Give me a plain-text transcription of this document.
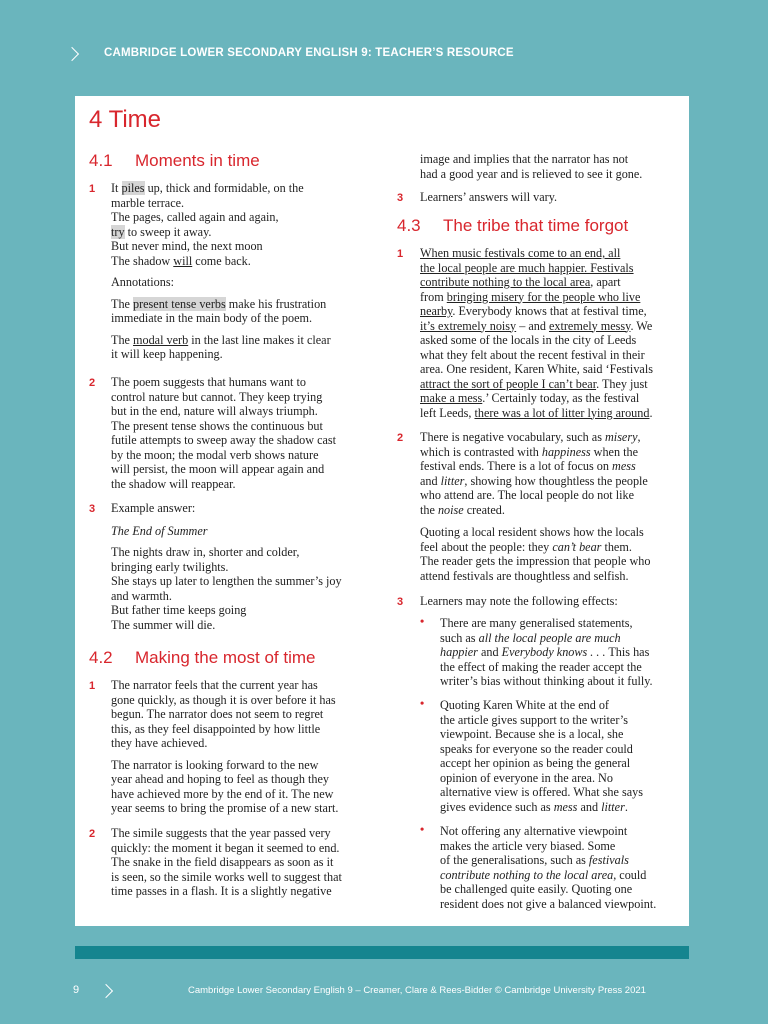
CAMBRIDGE LOWER SECONDARY ENGLISH 9: TEACHER’S RESOURCE
4 Time
4.1 Moments in time
1 It piles up, thick and formidable, on the
marble terrace.
The pages, called again and again,
try to sweep it away.
But never mind, the next moon
The shadow will come back.
Annotations:
The present tense verbs make his frustration
immediate in the main body of the poem.
The modal verb in the last line makes it clear
it will keep happening.
2 The poem suggests that humans want to
control nature but cannot. They keep trying
but in the end, nature will always triumph.
The present tense shows the continuous but
futile attempts to sweep away the shadow cast
by the moon; the modal verb shows nature
will persist, the moon will appear again and
the shadow will reappear.
3 Example answer:
The End of Summer
The nights draw in, shorter and colder,
bringing early twilights.
She stays up later to lengthen the summer’s joy
and warmth.
But father time keeps going
The summer will die.
4.2 Making the most of time
1 The narrator feels that the current year has
gone quickly, as though it is over before it has
begun. The narrator does not seem to regret
this, as they feel disappointed by how little
they have achieved.
The narrator is looking forward to the new
year ahead and hoping to feel as though they
have achieved more by the end of it. The new
year seems to bring the promise of a new start.
2 The simile suggests that the year passed very
quickly: the moment it began it seemed to end.
The snake in the field disappears as soon as it
is seen, so the simile works well to suggest that
time passes in a flash. It is a slightly negative
image and implies that the narrator has not
had a good year and is relieved to see it gone.
3 Learners’ answers will vary.
4.3 The tribe that time forgot
1 When music festivals come to an end, all
the local people are much happier. Festivals
contribute nothing to the local area, apart
from bringing misery for the people who live
nearby. Everybody knows that at festival time,
it’s extremely noisy – and extremely messy. We
asked some of the locals in the city of Leeds
what they felt about the recent festival in their
area. One resident, Karen White, said ‘Festivals
attract the sort of people I can’t bear. They just
make a mess.’ Certainly today, as the festival
left Leeds, there was a lot of litter lying around.
2 There is negative vocabulary, such as misery,
which is contrasted with happiness when the
festival ends. There is a lot of focus on mess
and litter, showing how thoughtless the people
who attend are. The local people do not like
the noise created.
Quoting a local resident shows how the locals
feel about the people: they can’t bear them.
The reader gets the impression that people who
attend festivals are thoughtless and selfish.
3 Learners may note the following effects:
• There are many generalised statements,
such as all the local people are much
happier and Everybody knows . . . This has
the effect of making the reader accept the
writer’s bias without thinking about it fully.
• Quoting Karen White at the end of
the article gives support to the writer’s
viewpoint. Because she is a local, she
speaks for everyone so the reader could
accept her opinion as being the general
opinion of everyone in the area. No
alternative view is offered. What she says
gives evidence such as mess and litter.
• Not offering any alternative viewpoint
makes the article very biased. Some
of the generalisations, such as festivals
contribute nothing to the local area, could
be challenged quite easily. Quoting one
resident does not give a balanced viewpoint.
9	Cambridge Lower Secondary English 9 – Creamer, Clare & Rees-Bidder © Cambridge University Press 2021
